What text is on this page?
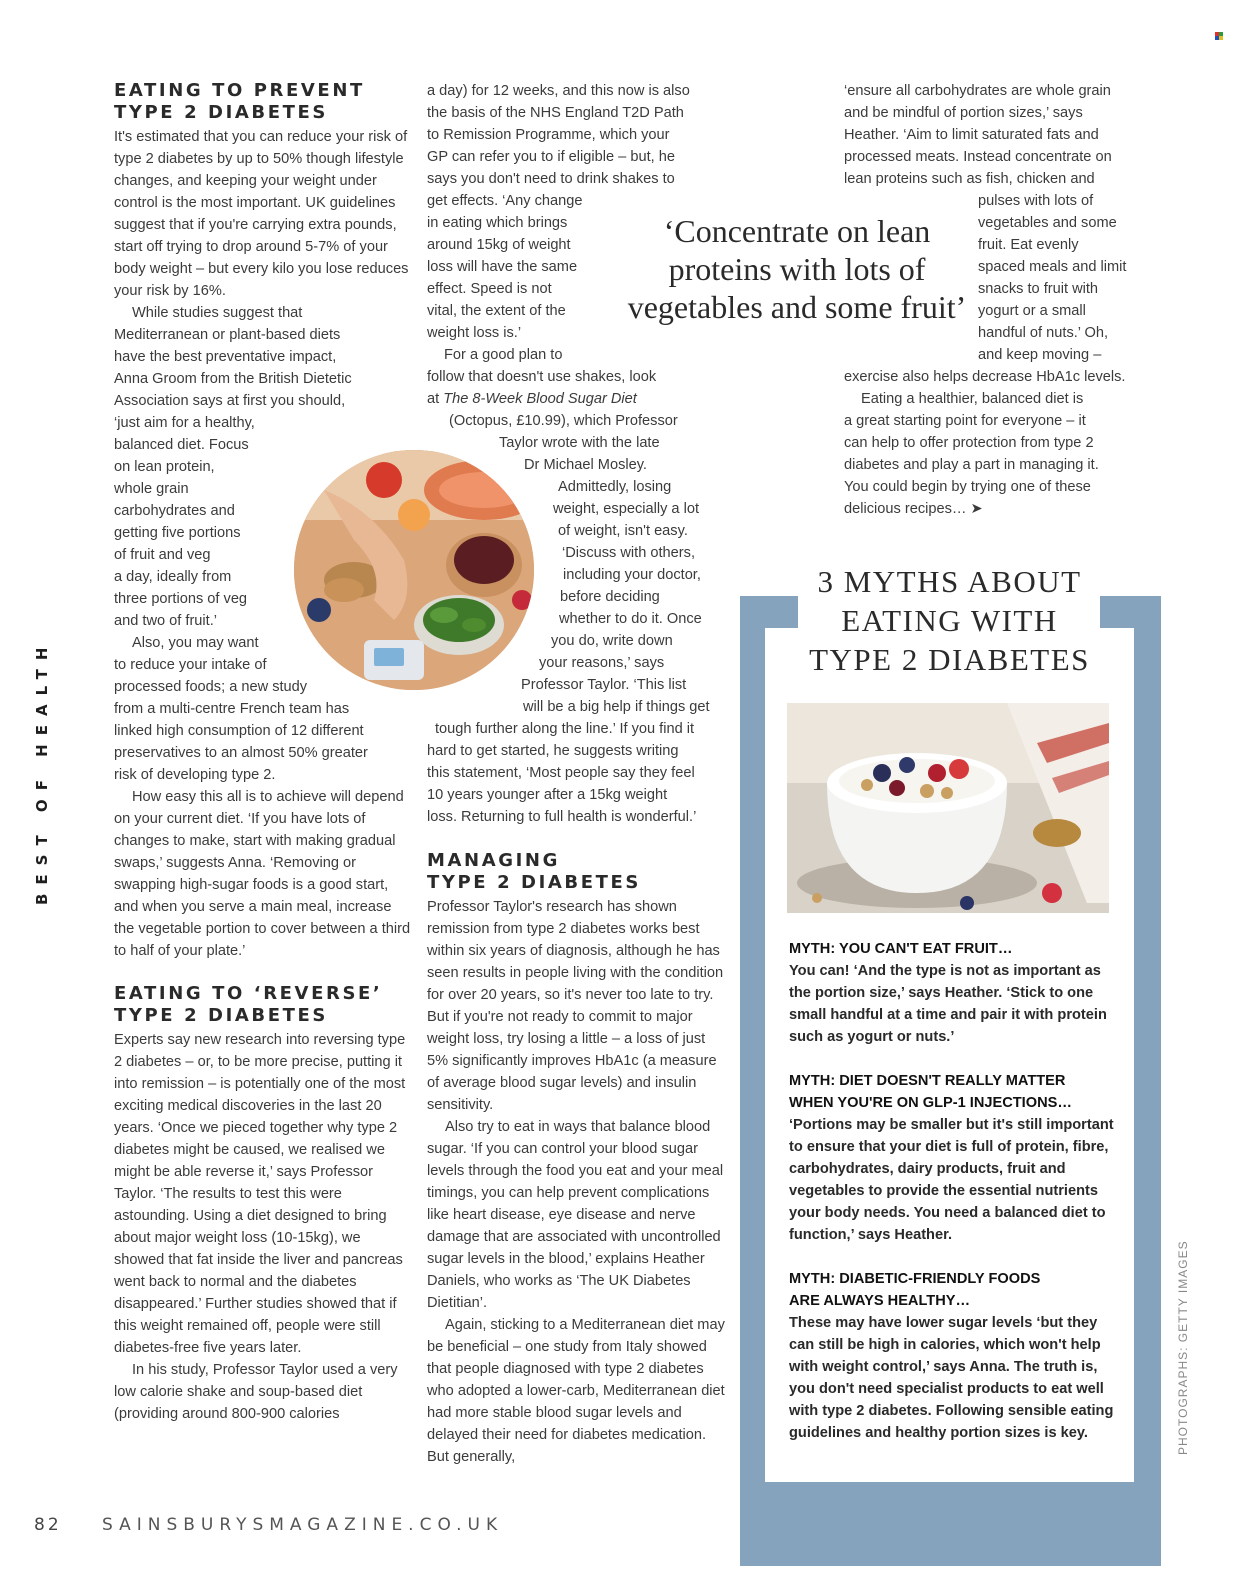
BEST OF HEALTH
EATING TO PREVENT
TYPE 2 DIABETES

It's estimated that you can reduce your risk of type 2 diabetes by up to 50% though lifestyle changes, and keeping your weight under control is the most important. UK guidelines suggest that if you're carrying extra pounds, start off trying to drop around 5-7% of your body weight – but every kilo you lose reduces your risk by 16%.

While studies suggest that

Mediterranean or plant-based diets
have the best preventative impact,
Anna Groom from the British Dietetic
Association says at first you should,
‘just aim for a healthy,
balanced diet. Focus
on lean protein,
whole grain
carbohydrates and
getting five portions
of fruit and veg
a day, ideally from
three portions of veg
and two of fruit.’
Also, you may want
to reduce your intake of
processed foods; a new study
from a multi-centre French team has
linked high consumption of 12 different
preservatives to an almost 50% greater
risk of developing type 2.

How easy this all is to achieve will depend on your current diet. ‘If you have lots of changes to make, start with making gradual swaps,’ suggests Anna. ‘Removing or swapping high-sugar foods is a good start, and when you serve a main meal, increase the vegetable portion to cover between a third to half of your plate.’

EATING TO ‘REVERSE’
TYPE 2 DIABETES

Experts say new research into reversing type 2 diabetes – or, to be more precise, putting it into remission – is potentially one of the most exciting medical discoveries in the last 20 years. ‘Once we pieced together why type 2 diabetes might be caused, we realised we might be able reverse it,’ says Professor Taylor. ‘The results to test this were astounding. Using a diet designed to bring about major weight loss (10-15kg), we showed that fat inside the liver and pancreas went back to normal and the diabetes disappeared.’ Further studies showed that if this weight remained off, people were still diabetes-free five years later.

In his study, Professor Taylor used a very low calorie shake and soup-based diet (providing around 800-900 calories

a day) for 12 weeks, and this now is also
the basis of the NHS England T2D Path
to Remission Programme, which your
GP can refer you to if eligible – but, he
says you don't need to drink shakes to
get effects. ‘Any change
in eating which brings
around 15kg of weight
loss will have the same
effect. Speed is not
vital, the extent of the
weight loss is.’
For a good plan to
follow that doesn't use shakes, look
at The 8-Week Blood Sugar Diet
(Octopus, £10.99), which Professor
Taylor wrote with the late
Dr Michael Mosley.
Admittedly, losing
weight, especially a lot
of weight, isn't easy.
‘Discuss with others,
including your doctor,
before deciding
whether to do it. Once
you do, write down
your reasons,’ says
Professor Taylor. ‘This list
will be a big help if things get
tough further along the line.’ If you find it
hard to get started, he suggests writing
this statement, ‘Most people say they feel
10 years younger after a 15kg weight
loss. Returning to full health is wonderful.’
MANAGING
TYPE 2 DIABETES

Professor Taylor's research has shown remission from type 2 diabetes works best within six years of diagnosis, although he has seen results in people living with the condition for over 20 years, so it's never too late to try. But if you're not ready to commit to major weight loss, try losing a little – a loss of just 5% significantly improves HbA1c (a measure of average blood sugar levels) and insulin sensitivity.

Also try to eat in ways that balance blood sugar. ‘If you can control your blood sugar levels through the food you eat and your meal timings, you can help prevent complications like heart disease, eye disease and nerve damage that are associated with uncontrolled sugar levels in the blood,’ explains Heather Daniels, who works as ‘The UK Diabetes Dietitian’.

Again, sticking to a Mediterranean diet may be beneficial – one study from Italy showed that people diagnosed with type 2 diabetes who adopted a lower-carb, Mediterranean diet had more stable blood sugar levels and delayed their need for diabetes medication. But generally,

‘Concentrate on lean
proteins with lots of
vegetables and some fruit’
‘ensure all carbohydrates are whole grain
and be mindful of portion sizes,’ says
Heather. ‘Aim to limit saturated fats and
processed meats. Instead concentrate on
lean proteins such as fish, chicken and
pulses with lots of
vegetables and some
fruit. Eat evenly
spaced meals and limit
snacks to fruit with
yogurt or a small
handful of nuts.’ Oh,
and keep moving –
exercise also helps decrease HbA1c levels.
Eating a healthier, balanced diet is
a great starting point for everyone – it
can help to offer protection from type 2
diabetes and play a part in managing it.
You could begin by trying one of these
delicious recipes… ➤
3 MYTHS ABOUT
EATING WITH
TYPE 2 DIABETES

MYTH: YOU CAN'T EAT FRUIT…
You can! ‘And the type is not as important as the portion size,’ says Heather. ‘Stick to one small handful at a time and pair it with protein such as yogurt or nuts.’

MYTH: DIET DOESN'T REALLY MATTER WHEN YOU'RE ON GLP-1 INJECTIONS…
‘Portions may be smaller but it's still important to ensure that your diet is full of protein, fibre, carbohydrates, dairy products, fruit and vegetables to provide the essential nutrients your body needs. You need a balanced diet to function,’ says Heather.

MYTH: DIABETIC-FRIENDLY FOODS ARE ALWAYS HEALTHY…
These may have lower sugar levels ‘but they can still be high in calories, which won't help with weight control,’ says Anna. The truth is, you don't need specialist products to eat well with type 2 diabetes. Following sensible eating guidelines and healthy portion sizes is key.	PHOTOGRAPHS: GETTY IMAGES
82 SAINSBURYSMAGAZINE.CO.UK
